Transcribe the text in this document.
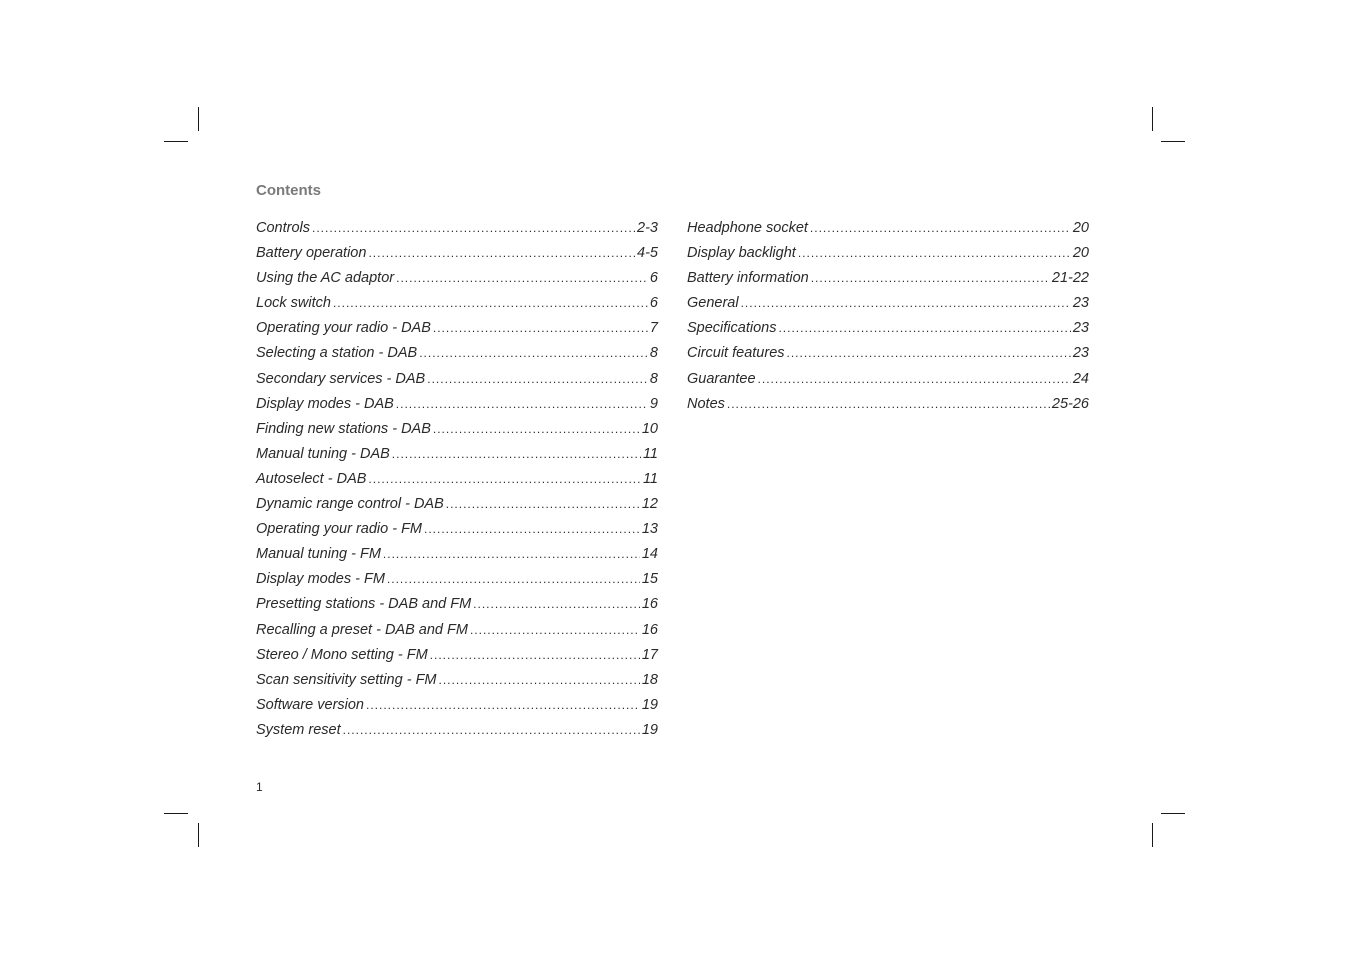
Contents
Controls .....	2-3
Battery operation .....	4-5
Using the AC adaptor .....	6
Lock switch .....	6
Operating your radio - DAB .....	7
Selecting a station - DAB .....	8
Secondary services - DAB .....	8
Display modes - DAB .....	9
Finding new stations - DAB .....	10
Manual tuning - DAB .....	11
Autoselect - DAB .....	11
Dynamic range control - DAB .....	12
Operating your radio - FM .....	13
Manual tuning - FM .....	14
Display modes - FM .....	15
Presetting stations - DAB and FM .....	16
Recalling a preset - DAB and FM .....	16
Stereo / Mono setting - FM .....	17
Scan sensitivity setting - FM .....	18
Software version .....	19
System reset .....	19
Headphone socket .....	20
Display backlight .....	20
Battery information .....	21-22
General .....	23
Specifications .....	23
Circuit features .....	23
Guarantee .....	24
Notes .....	25-26
1
